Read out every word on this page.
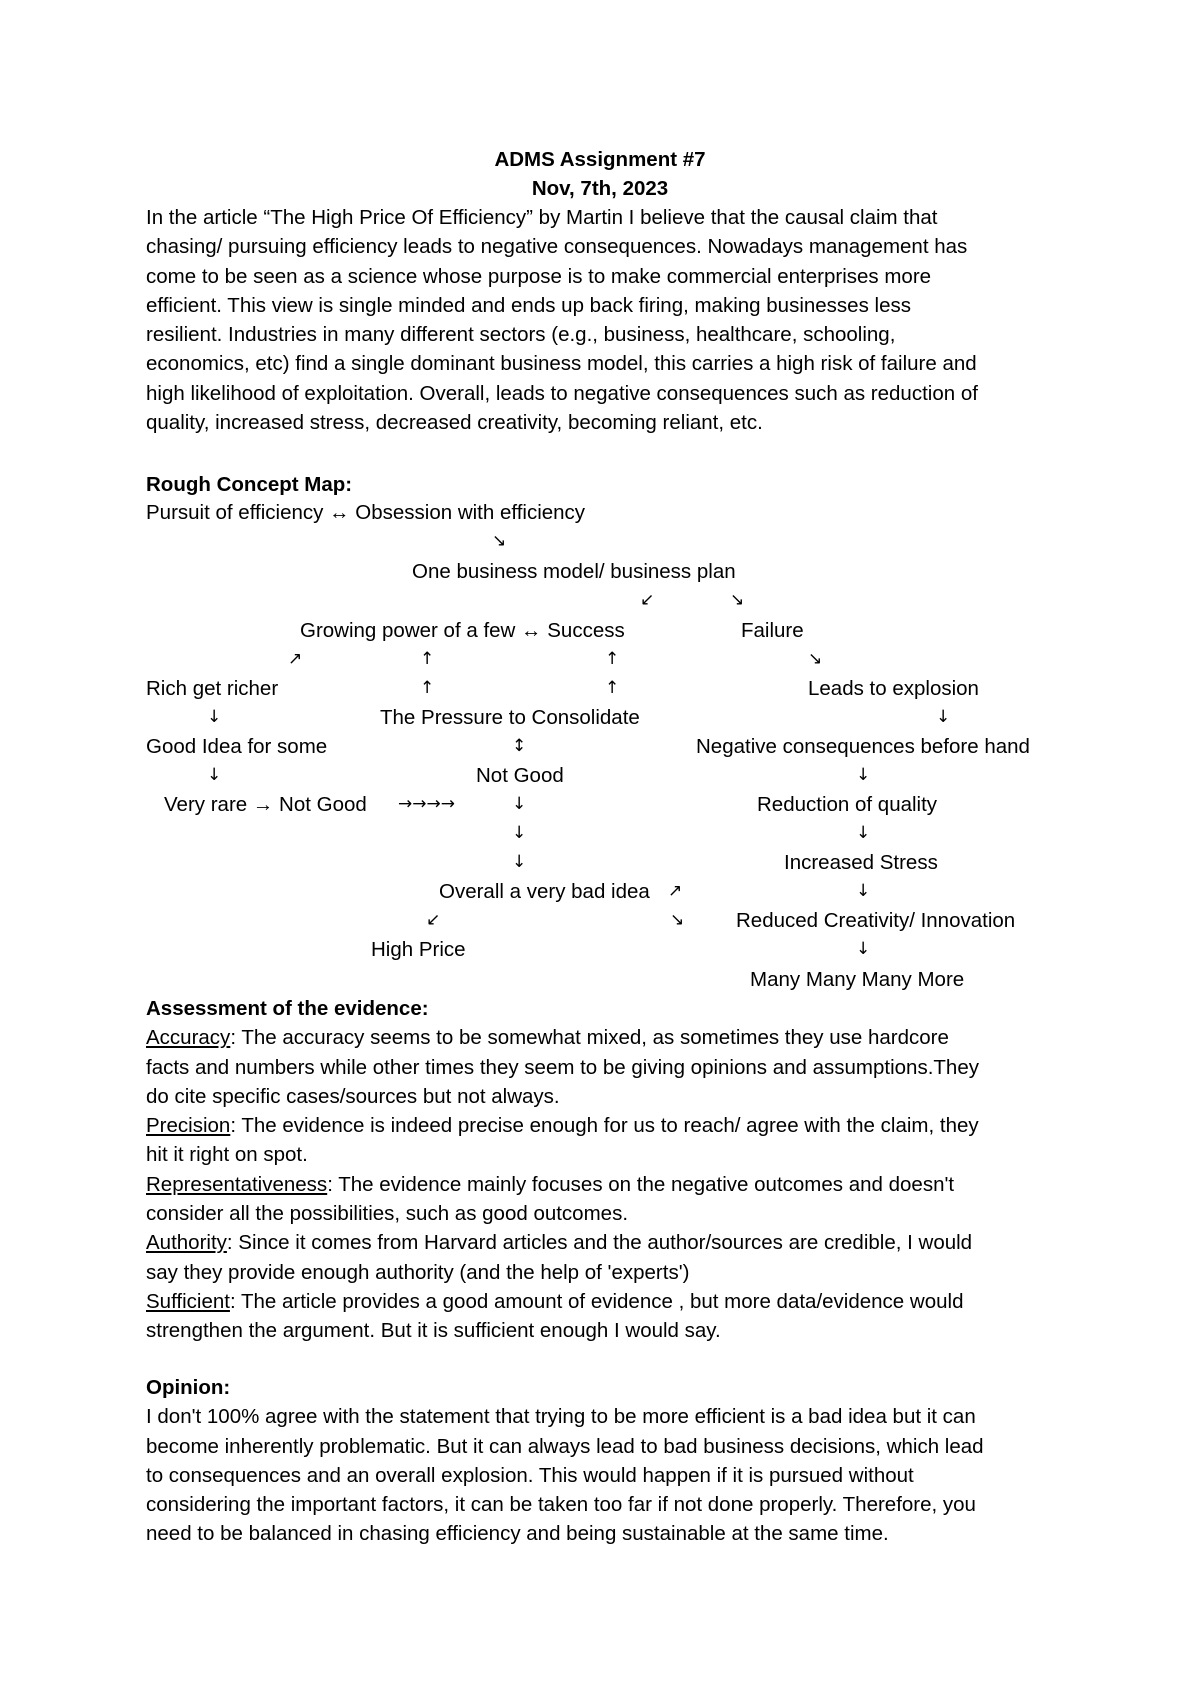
ADMS Assignment #7
Nov, 7th, 2023
In the article “The High Price Of Efficiency” by Martin I believe that the causal claim that
chasing/ pursuing efficiency leads to negative consequences. Nowadays management has
come to be seen as a science whose purpose is to make commercial enterprises more
efficient. This view is single minded and ends up back firing, making businesses less
resilient. Industries in many different sectors (e.g., business, healthcare, schooling,
economics, etc) find a single dominant business model, this carries a high risk of failure and
high likelihood of exploitation. Overall, leads to negative consequences such as reduction of
quality, increased stress, decreased creativity, becoming reliant, etc.
Rough Concept Map:
Pursuit of efficiency ↔ Obsession with efficiency
↘
One business model/ business plan
↙	↘
Growing power of a few ↔ Success	Failure
↗	↑	↑	↘
Rich get richer	↑	↑	Leads to explosion
↓	The Pressure to Consolidate	↓
Good Idea for some	↕	Negative consequences before hand
↓	Not Good	↓
Very rare → Not Good →→→→	↓	Reduction of quality
↓	↓
↓	Increased Stress
Overall a very bad idea ↗	↓
↙	↘	Reduced Creativity/ Innovation
High Price	↓
Many Many Many More
Assessment of the evidence:
Accuracy: The accuracy seems to be somewhat mixed, as sometimes they use hardcore
facts and numbers while other times they seem to be giving opinions and assumptions.They
do cite specific cases/sources but not always.
Precision: The evidence is indeed precise enough for us to reach/ agree with the claim, they
hit it right on spot.
Representativeness: The evidence mainly focuses on the negative outcomes and doesn't
consider all the possibilities, such as good outcomes.
Authority: Since it comes from Harvard articles and the author/sources are credible, I would
say they provide enough authority (and the help of 'experts')
Sufficient: The article provides a good amount of evidence , but more data/evidence would
strengthen the argument. But it is sufficient enough I would say.
Opinion:
I don't 100% agree with the statement that trying to be more efficient is a bad idea but it can
become inherently problematic. But it can always lead to bad business decisions, which lead
to consequences and an overall explosion. This would happen if it is pursued without
considering the important factors, it can be taken too far if not done properly. Therefore, you
need to be balanced in chasing efficiency and being sustainable at the same time.
